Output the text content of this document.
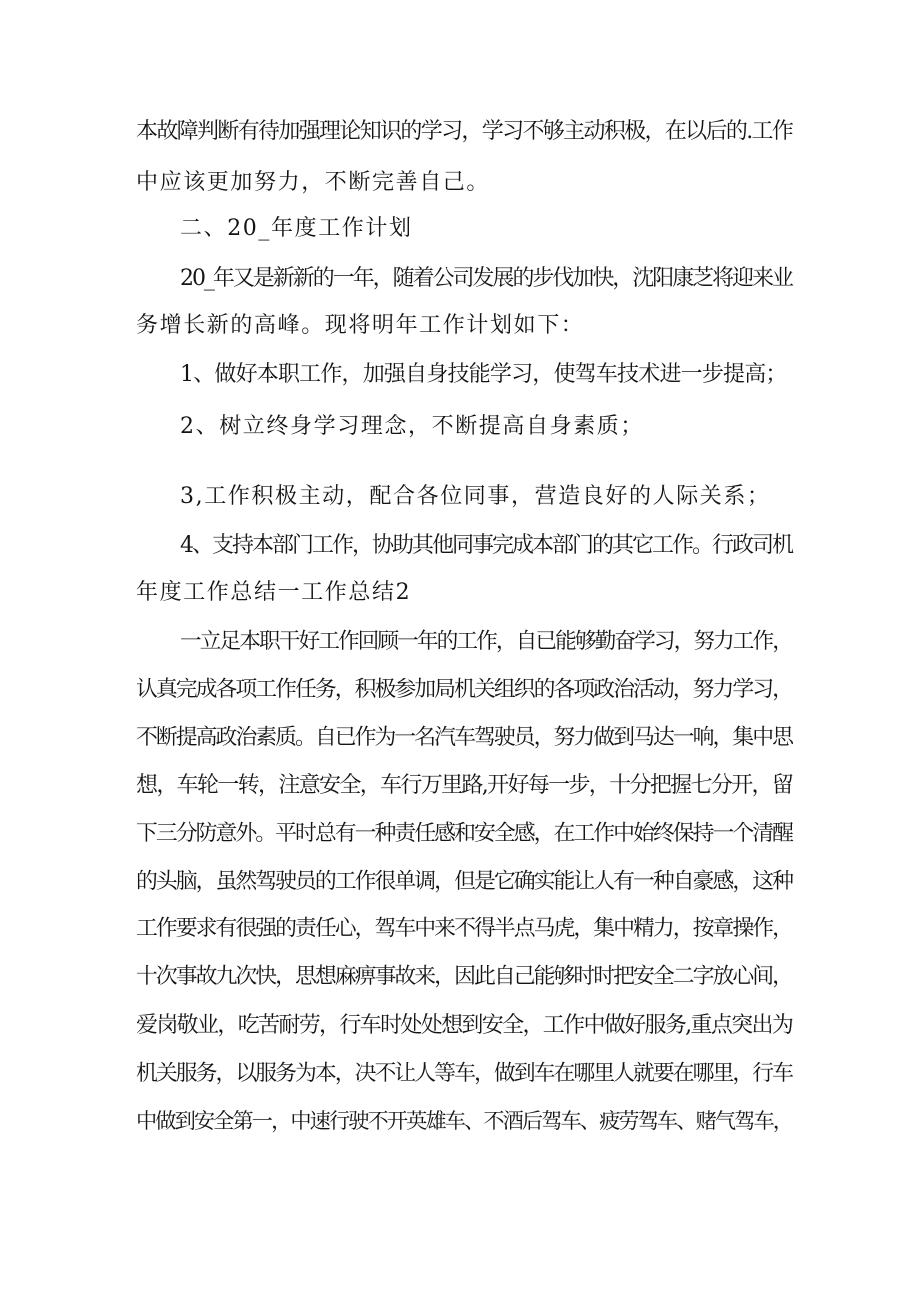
本故障判断有待加强理论知识的学习，学习不够主动积极，在以后的.工作
中应该更加努力，不断完善自己。
二、20_年度工作计划
20_年又是新新的一年，随着公司发展的步伐加快，沈阳康芝将迎来业
务增长新的高峰。现将明年工作计划如下：
1、做好本职工作，加强自身技能学习，使驾车技术进一步提高；
2、树立终身学习理念，不断提高自身素质；
3,工作积极主动，配合各位同事，营造良好的人际关系；
4、支持本部门工作，协助其他同事完成本部门的其它工作。行政司机
年度工作总结一工作总结2
一立足本职干好工作回顾一年的工作，自已能够勤奋学习，努力工作，
认真完成各项工作任务，积极参加局机关组织的各项政治活动，努力学习，
不断提高政治素质。自已作为一名汽车驾驶员，努力做到马达一响，集中思
想，车轮一转，注意安全，车行万里路,开好每一步，十分把握七分开，留
下三分防意外。平时总有一种责任感和安全感，在工作中始终保持一个清醒
的头脑，虽然驾驶员的工作很单调，但是它确实能让人有一种自豪感，这种
工作要求有很强的责任心，驾车中来不得半点马虎，集中精力，按章操作，
十次事故九次快，思想麻痹事故来，因此自己能够时时把安全二字放心间，
爱岗敬业，吃苦耐劳，行车时处处想到安全，工作中做好服务,重点突出为
机关服务，以服务为本，决不让人等车，做到车在哪里人就要在哪里，行车
中做到安全第一，中速行驶不开英雄车、不酒后驾车、疲劳驾车、赌气驾车，
